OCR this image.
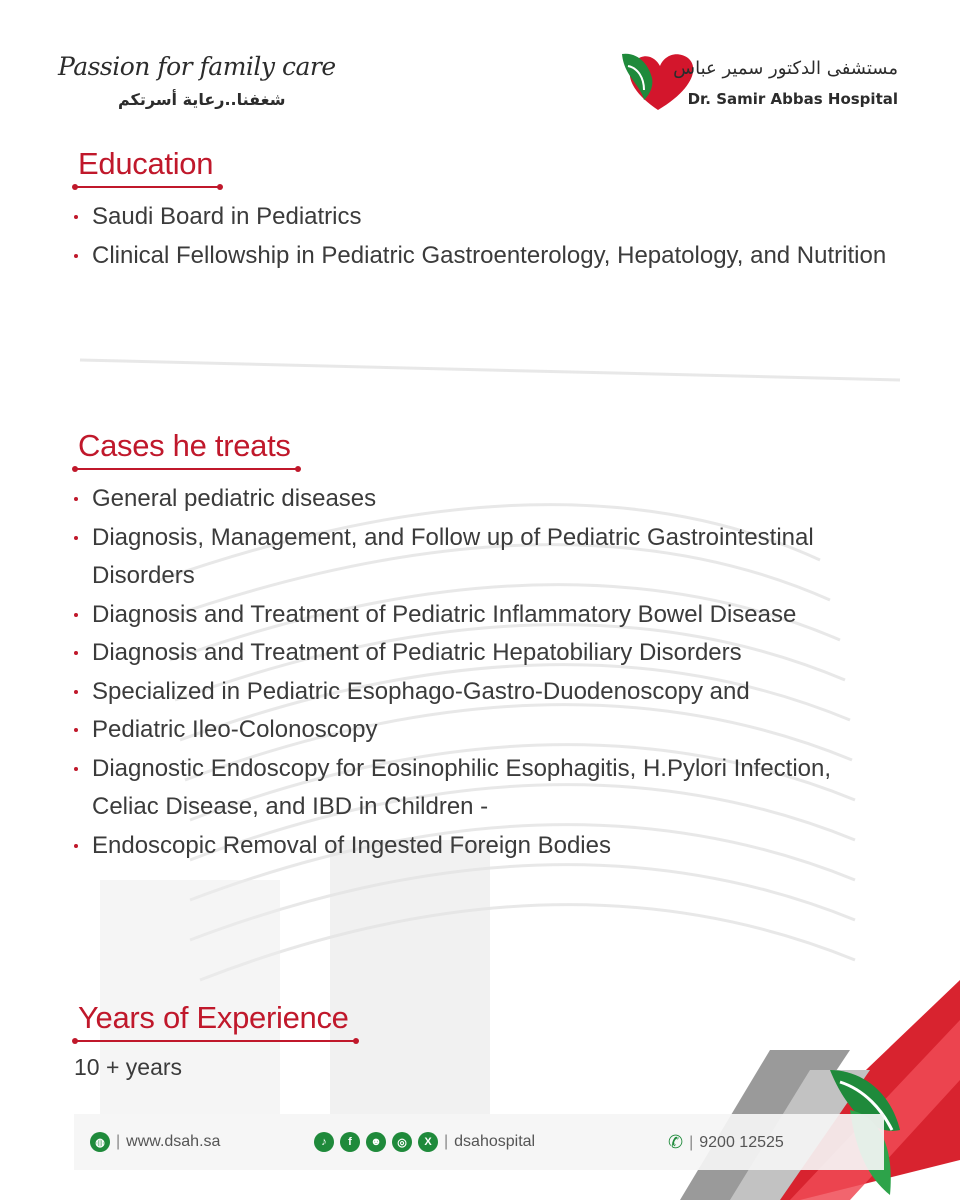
Passion for family care
شغفنا..رعاية أسرتكم
مستشفى الدكتور سمير عباس
Dr. Samir Abbas Hospital
Education
Saudi Board in Pediatrics
Clinical Fellowship in Pediatric Gastroenterology, Hepatology, and Nutrition
Cases he treats
General pediatric diseases
Diagnosis, Management, and Follow up of Pediatric Gastrointestinal Disorders
Diagnosis and Treatment of Pediatric Inflammatory Bowel Disease
Diagnosis and Treatment of Pediatric Hepatobiliary Disorders
Specialized in Pediatric Esophago-Gastro-Duodenoscopy and
Pediatric Ileo-Colonoscopy
Diagnostic Endoscopy for Eosinophilic Esophagitis, H.Pylori Infection, Celiac Disease, and IBD in Children -
Endoscopic Removal of Ingested Foreign Bodies
Years of Experience
10 + years
◍ | www.dsah.sa	♪	f	☻	◎	X | dsahospital	✆ | 9200 12525
